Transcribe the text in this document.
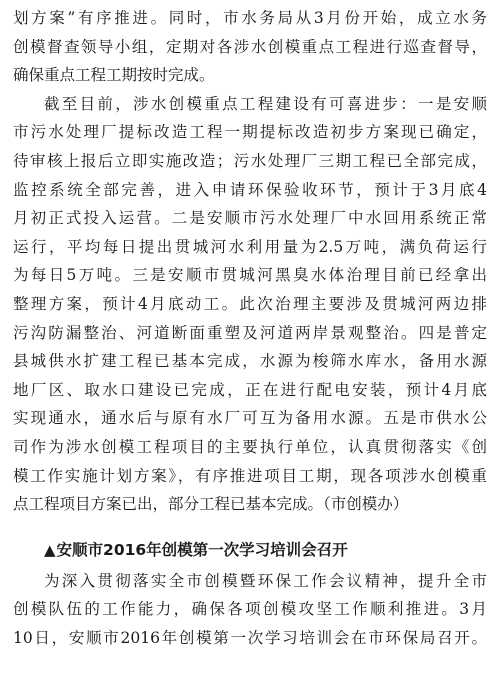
划方案”有序推进。同时，市水务局从3月份开始，成立水务
创模督查领导小组，定期对各涉水创模重点工程进行巡查督导，
确保重点工程工期按时完成。
截至目前，涉水创模重点工程建设有可喜进步：一是安顺
市污水处理厂提标改造工程一期提标改造初步方案现已确定，
待审核上报后立即实施改造；污水处理厂三期工程已全部完成，
监控系统全部完善，进入申请环保验收环节，预计于3月底4
月初正式投入运营。二是安顺市污水处理厂中水回用系统正常
运行，平均每日提出贯城河水利用量为2.5万吨，满负荷运行
为每日5万吨。三是安顺市贯城河黑臭水体治理目前已经拿出
整理方案，预计4月底动工。此次治理主要涉及贯城河两边排
污沟防漏整治、河道断面重塑及河道两岸景观整治。四是普定
县城供水扩建工程已基本完成，水源为梭筛水库水，备用水源
地厂区、取水口建设已完成，正在进行配电安装，预计4月底
实现通水，通水后与原有水厂可互为备用水源。五是市供水公
司作为涉水创模工程项目的主要执行单位，认真贯彻落实《创
模工作实施计划方案》，有序推进项目工期，现各项涉水创模重
点工程项目方案已出，部分工程已基本完成。（市创模办）
▲安顺市2016年创模第一次学习培训会召开
为深入贯彻落实全市创模暨环保工作会议精神，提升全市
创模队伍的工作能力，确保各项创模攻坚工作顺利推进。3月
10日，安顺市2016年创模第一次学习培训会在市环保局召开。
